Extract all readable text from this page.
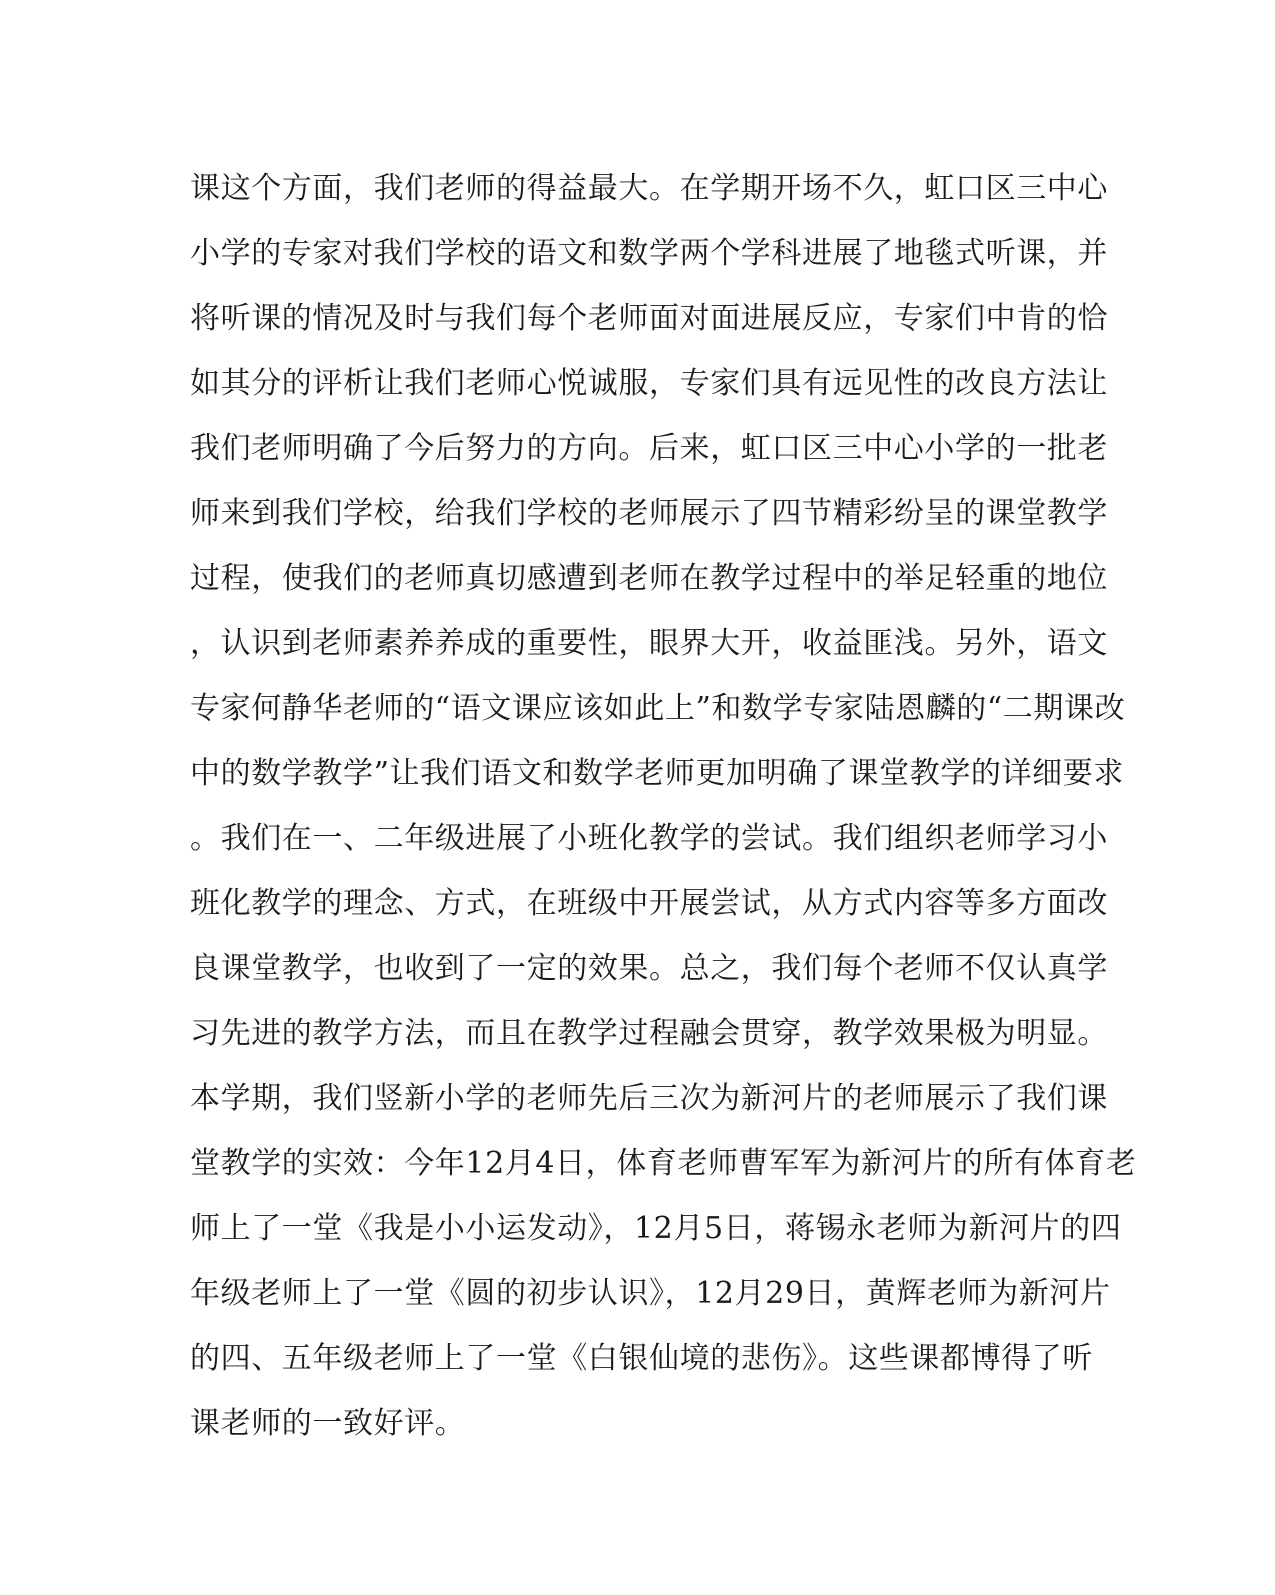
课这个方面，我们老师的得益最大。在学期开场不久，虹口区三中心
小学的专家对我们学校的语文和数学两个学科进展了地毯式听课，并
将听课的情况及时与我们每个老师面对面进展反应，专家们中肯的恰
如其分的评析让我们老师心悦诚服，专家们具有远见性的改良方法让
我们老师明确了今后努力的方向。后来，虹口区三中心小学的一批老
师来到我们学校，给我们学校的老师展示了四节精彩纷呈的课堂教学
过程，使我们的老师真切感遭到老师在教学过程中的举足轻重的地位
，认识到老师素养养成的重要性，眼界大开，收益匪浅。另外，语文
专家何静华老师的“语文课应该如此上”和数学专家陆恩麟的“二期课改
中的数学教学”让我们语文和数学老师更加明确了课堂教学的详细要求
。我们在一、二年级进展了小班化教学的尝试。我们组织老师学习小
班化教学的理念、方式，在班级中开展尝试，从方式内容等多方面改
良课堂教学，也收到了一定的效果。总之，我们每个老师不仅认真学
习先进的教学方法，而且在教学过程融会贯穿，教学效果极为明显。
本学期，我们竖新小学的老师先后三次为新河片的老师展示了我们课
堂教学的实效：今年12月4日，体育老师曹军军为新河片的所有体育老
师上了一堂《我是小小运发动》，12月5日，蒋锡永老师为新河片的四
年级老师上了一堂《圆的初步认识》，12月29日，黄辉老师为新河片
的四、五年级老师上了一堂《白银仙境的悲伤》。这些课都博得了听
课老师的一致好评。
